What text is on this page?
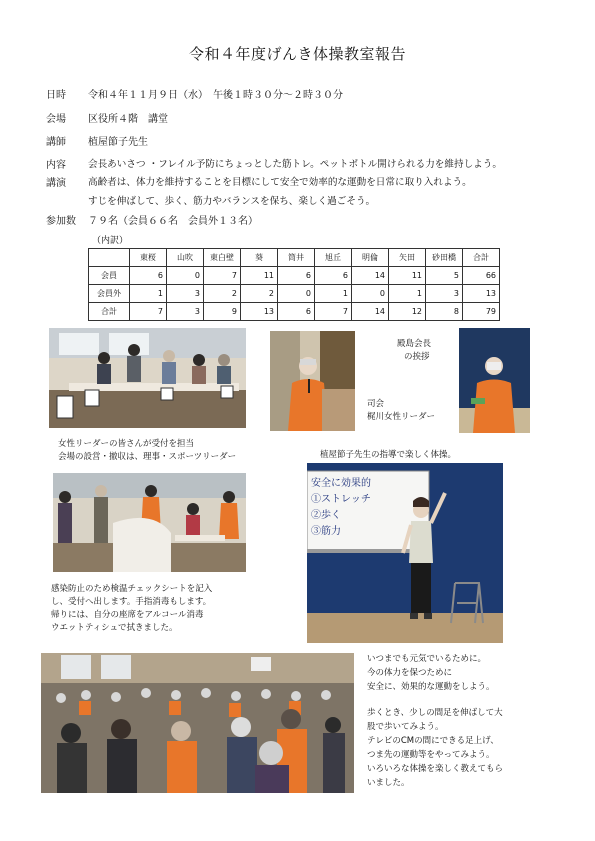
令和４年度げんき体操教室報告
日時 令和４年１１月９日（水）　午後１時３０分～２時３０分
会場 区役所４階　講堂
講師 植屋節子先生
内容 会長あいさつ ・フレイル予防にちょっとした筋トレ。ペットボトル開けられる力を維持しよう。
講演 高齢者は、体力を維持することを目標にして安全で効率的な運動を日常に取り入れよう。
すじを伸ばして、歩く、筋力やバランスを保ち、楽しく過ごそう。
参加数 ７９名（会員６６名　会員外１３名）
（内訳）
	東桜	山吹	東白壁	葵	筒井	旭丘	明倫	矢田	砂田橋	合計
会員	6	0	7	11	6	6	14	11	5	66
会員外	1	3	2	2	0	1	0	1	3	13
合計	7	3	9	13	6	7	14	12	8	79
女性リーダーの皆さんが受付を担当
会場の設営・撤収は、理事・スポーツリーダー
司会
梶川女性リーダー
殿島会長
の挨拶
植屋節子先生の指導で楽しく体操。
感染防止のため検温チェックシートを記入
し、受付へ出します。手指消毒もします。
帰りには、自分の座席をアルコール消毒
ウエットティシュで拭きました。
安全に効果的
①ストレッチ
②歩く
③筋力
いつまでも元気でいるために。
今の体力を保つために
安全に、効果的な運動をしよう。
歩くとき、少しの間足を伸ばして大
股で歩いてみよう。
テレビのCMの間にできる足上げ、
つま先の運動等をやってみよう。
いろいろな体操を楽しく教えてもら
いました。
